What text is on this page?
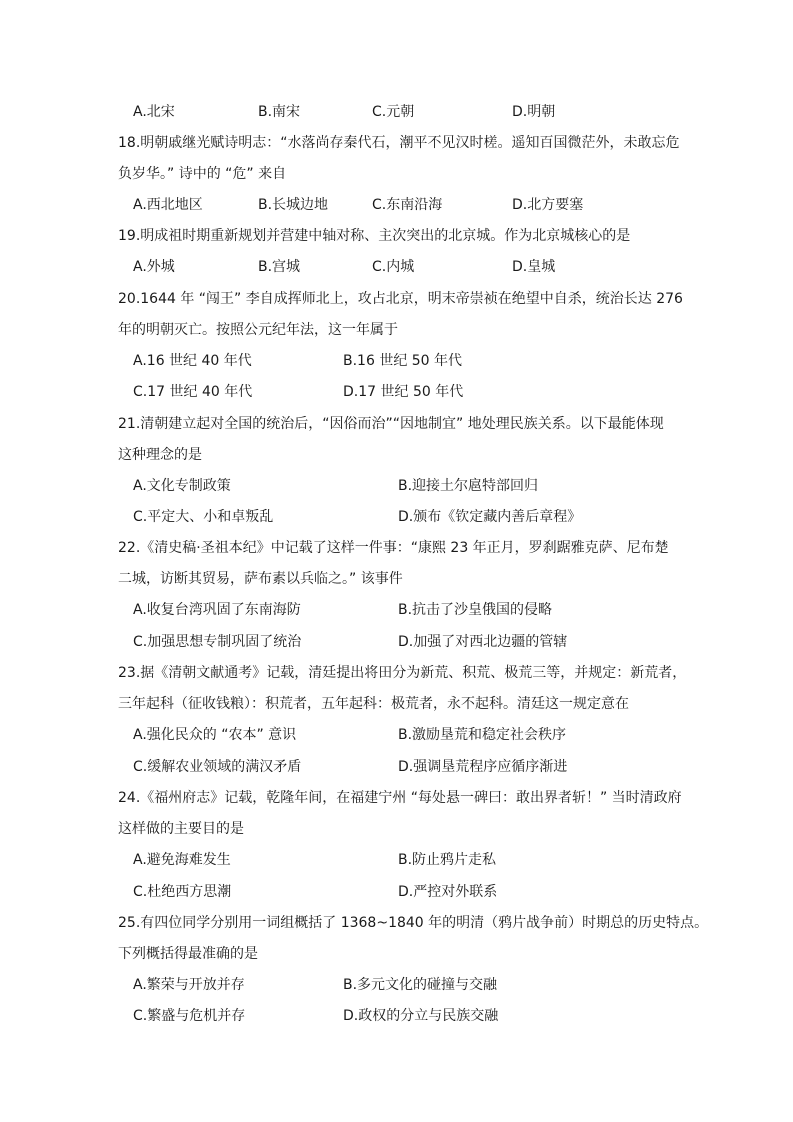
A.北宋	B.南宋	C.元朝	D.明朝
18.明朝戚继光赋诗明志：“水落尚存秦代石，潮平不见汉时槎。遥知百国微茫外，未敢忘危
负岁华。” 诗中的 “危” 来自
A.西北地区	B.长城边地	C.东南沿海	D.北方要塞
19.明成祖时期重新规划并营建中轴对称、主次突出的北京城。作为北京城核心的是
A.外城	B.宫城	C.内城	D.皇城
20.1644 年 “闯王” 李自成挥师北上，攻占北京，明末帝崇祯在绝望中自杀，统治长达 276
年的明朝灭亡。按照公元纪年法，这一年属于
A.16 世纪 40 年代	B.16 世纪 50 年代
C.17 世纪 40 年代	D.17 世纪 50 年代
21.清朝建立起对全国的统治后，“因俗而治”“因地制宜” 地处理民族关系。以下最能体现
这种理念的是
A.文化专制政策	B.迎接土尔扈特部回归
C.平定大、小和卓叛乱	D.颁布《钦定藏内善后章程》
22.《清史稿·圣祖本纪》中记载了这样一件事：“康熙 23 年正月，罗刹踞雅克萨、尼布楚
二城，访断其贸易，萨布素以兵临之。” 该事件
A.收复台湾巩固了东南海防	B.抗击了沙皇俄国的侵略
C.加强思想专制巩固了统治	D.加强了对西北边疆的管辖
23.据《清朝文献通考》记载，清廷提出将田分为新荒、积荒、极荒三等，并规定：新荒者，
三年起科（征收钱粮）：积荒者，五年起科：极荒者，永不起科。清廷这一规定意在
A.强化民众的 “农本” 意识	B.激励垦荒和稳定社会秩序
C.缓解农业领域的满汉矛盾	D.强调垦荒程序应循序渐进
24.《福州府志》记载，乾隆年间，在福建宁州 “每处悬一碑曰：敢出界者斩！” 当时清政府
这样做的主要目的是
A.避免海难发生	B.防止鸦片走私
C.杜绝西方思潮	D.严控对外联系
25.有四位同学分别用一词组概括了 1368~1840 年的明清（鸦片战争前）时期总的历史特点。
下列概括得最准确的是
A.繁荣与开放并存	B.多元文化的碰撞与交融
C.繁盛与危机并存	D.政权的分立与民族交融
